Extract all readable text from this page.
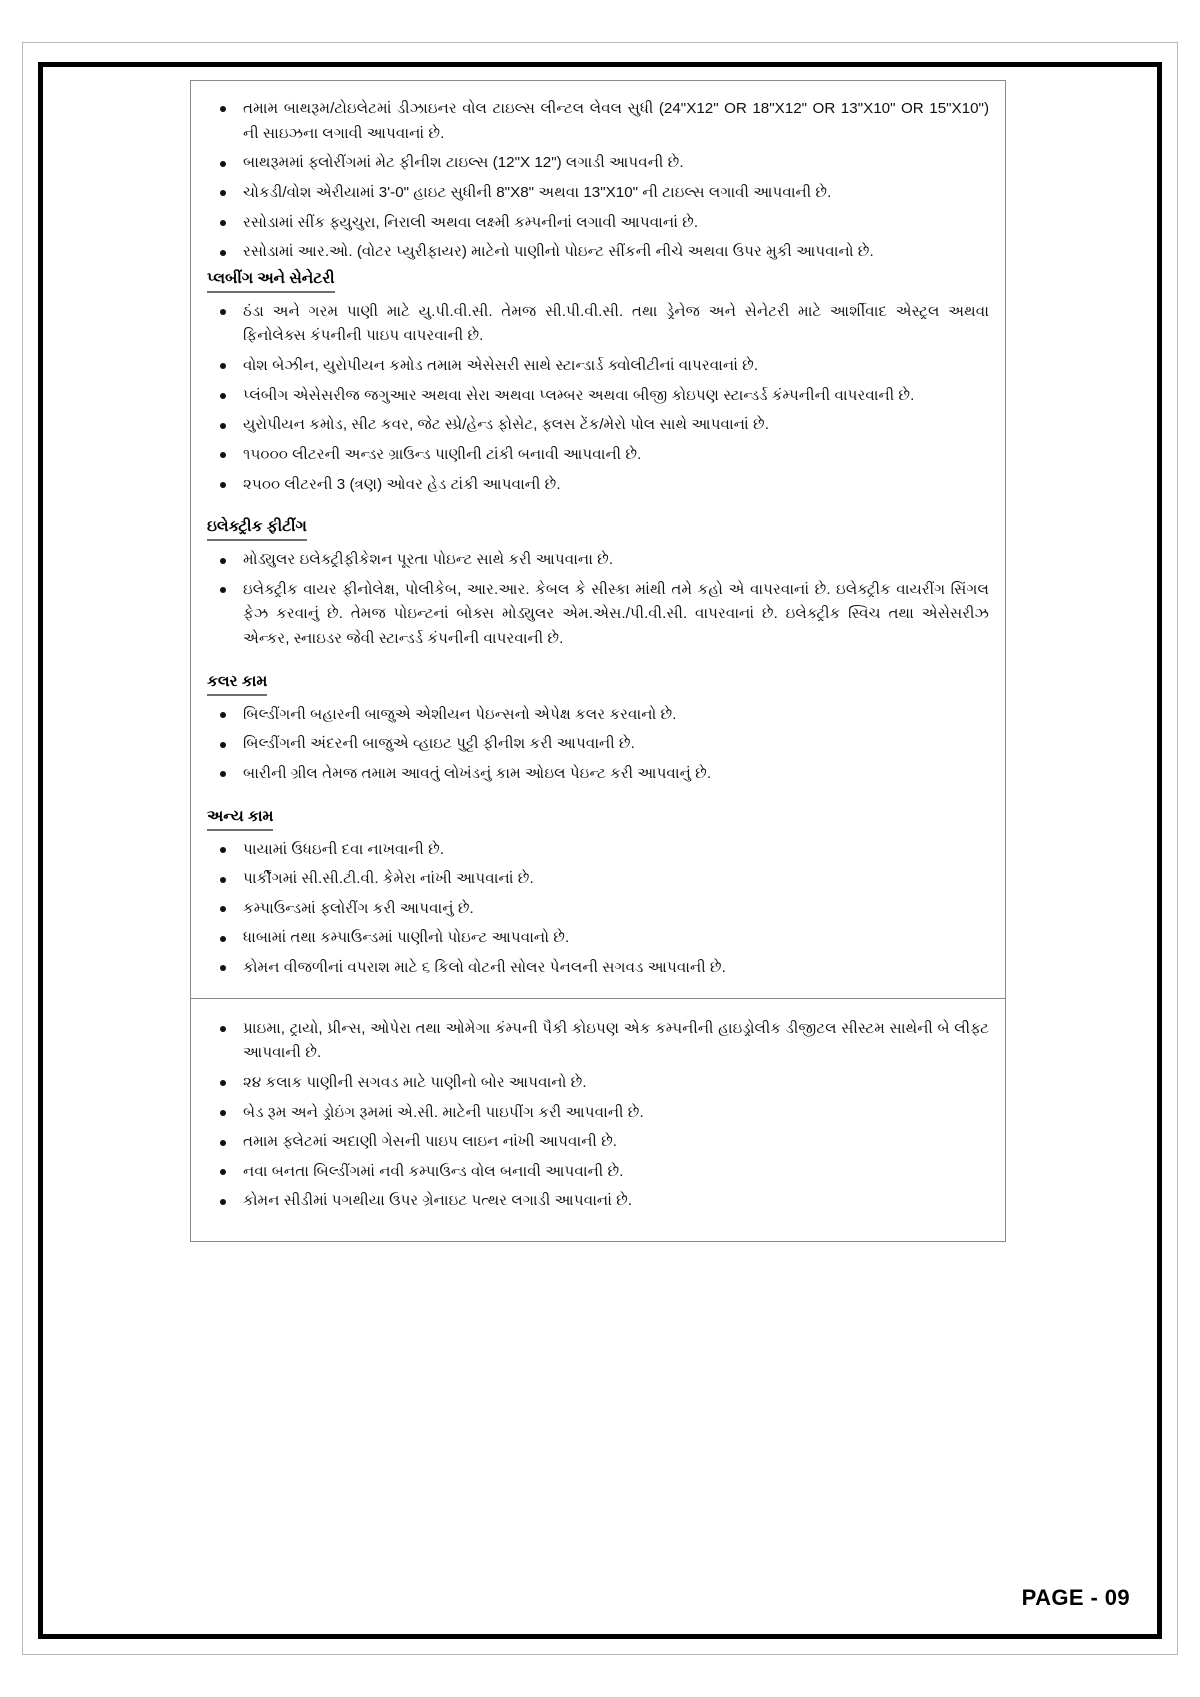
તમામ બાથરૂમ/ટોઇલેટમાં ડીઝાઇનર વોલ ટાઇલ્સ લીન્ટલ લેવલ સુધી (24"X12" OR 18"X12" OR 13"X10" OR 15"X10") ની સાઇઝના લગાવી આપવાનાં છે.
બાથરૂમમાં ફ્લોરીંગમાં મેટ ફીનીશ ટાઇલ્સ (12"X 12") લગાડી આપવની છે.
ચોકડી/વોશ એરીયામાં 3'-0" હાઇટ સુધીની 8"X8" અથવા 13"X10" ની ટાઇલ્સ લગાવી આપવાની છે.
રસોડામાં સીંક ફ્યુચુરા, નિરાલી અથવા લક્ષ્મી કમ્પનીનાં લગાવી આપવાનાં છે.
રસોડામાં આર.ઓ. (વોટર પ્યુરીફાયર) માટેનો પાણીનો પોઇન્ટ સીંકની નીચે અથવા ઉપર મુકી આપવાનો છે.
પ્લબીંગ અને સેનેટરી
ઠંડા અને ગરમ પાણી માટે યુ.પી.વી.સી. તેમજ સી.પી.વી.સી. તથા ડ્રેનેજ અને સેનેટરી માટે આર્શીવાદ એસ્ટ્રલ અથવા ફિનોલેક્સ કંપનીની પાઇપ વાપરવાની છે.
વોશ બેઝીન, યુરોપીયન કમોડ તમામ એસેસરી સાથે સ્ટાન્ડાર્ડ ક્વોલીટીનાં વાપરવાનાં છે.
પ્લંબીગ એસેસરીજ જગુઆર અથવા સેરા અથવા પ્લમ્બર અથવા બીજી કોઇપણ સ્ટાન્ડર્ડ કંમ્પનીની વાપરવાની છે.
યુરોપીયન કમોડ, સીટ કવર, જેટ સ્પ્રે/હેન્ડ ફોસેટ, ફ્લસ ટેંક/મેરો પોલ સાથે આપવાનાં છે.
૧૫૦૦૦ લીટરની અન્ડર ગ્રાઉન્ડ પાણીની ટાંકી બનાવી આપવાની છે.
૨૫૦૦ લીટરની 3 (ત્રણ) ઓવર હેડ ટાંકી આપવાની છે.
ઇલેક્ટ્રીક ફીટીંગ
મોડ્યુલર ઇલેક્ટ્રીફીકેશન પૂરતા પોઇન્ટ સાથે કરી આપવાના છે.
ઇલેક્ટ્રીક વાયર ફીનોલેક્ષ, પોલીકેબ, આર.આર. કેબલ કે સીસ્કા માંથી તમે કહો એ વાપરવાનાં છે. ઇલેક્ટ્રીક વાયરીંગ સિંગલ ફેઝ કરવાનું છે. તેમજ પોઇન્ટનાં બોક્સ મોડ્યુલર એમ.એસ./પી.વી.સી. વાપરવાનાં છે. ઇલેક્ટ્રીક સ્વિચ તથા એસેસરીઝ એન્કર, સ્નાઇડર જેવી સ્ટાન્ડર્ડ કંપનીની વાપરવાની છે.
કલર કામ
બિલ્ડીંગની બહારની બાજુએ એશીયન પેઇન્સનો એપેક્ષ કલર કરવાનો છે.
બિલ્ડીંગની અંદરની બાજુએ વ્હાઇટ પુટ્ટી ફીનીશ કરી આપવાની છે.
બારીની ગ્રીલ તેમજ તમામ આવતું લોખંડનું કામ ઓઇલ પેઇન્ટ કરી આપવાનું છે.
અન્ય કામ
પાયામાં ઉધઇની દવા નાખવાની છે.
પાર્કીંગમાં સી.સી.ટી.વી. કેમેરા નાંખી આપવાનાં છે.
કમ્પાઉન્ડમાં ફ્લોરીંગ કરી આપવાનું છે.
ધાબામાં તથા કમ્પાઉન્ડમાં પાણીનો પોઇન્ટ આપવાનો છે.
કોમન વીજળીનાં વપરાશ માટે ૬ કિલો વોટની સોલર પેનલની સગવડ આપવાની છે.
પ્રાઇમા, ટ્રાયો, પ્રીન્સ, ઓપેરા તથા ઓમેગા કંમ્પની પૈકી કોઇપણ એક કમ્પનીની હાઇડ્રોલીક ડીજીટલ સીસ્ટમ સાથેની બે લીફ્ટ આપવાની છે.
૨૪ કલાક પાણીની સગવડ માટે પાણીનો બોર આપવાનો છે.
બેડ રૂમ અને ડ્રોઇંગ રૂમમાં એ.સી. માટેની પાઇપીંગ કરી આપવાની છે.
તમામ ફ્લેટમાં અદાણી ગેસની પાઇપ લાઇન નાંખી આપવાની છે.
નવા બનતા બિલ્ડીંગમાં નવી કમ્પાઉન્ડ વોલ બનાવી આપવાની છે.
કોમન સીડીમાં પગથીયા ઉપર ગ્રેનાઇટ પત્થર લગાડી આપવાનાં છે.
PAGE - 09
